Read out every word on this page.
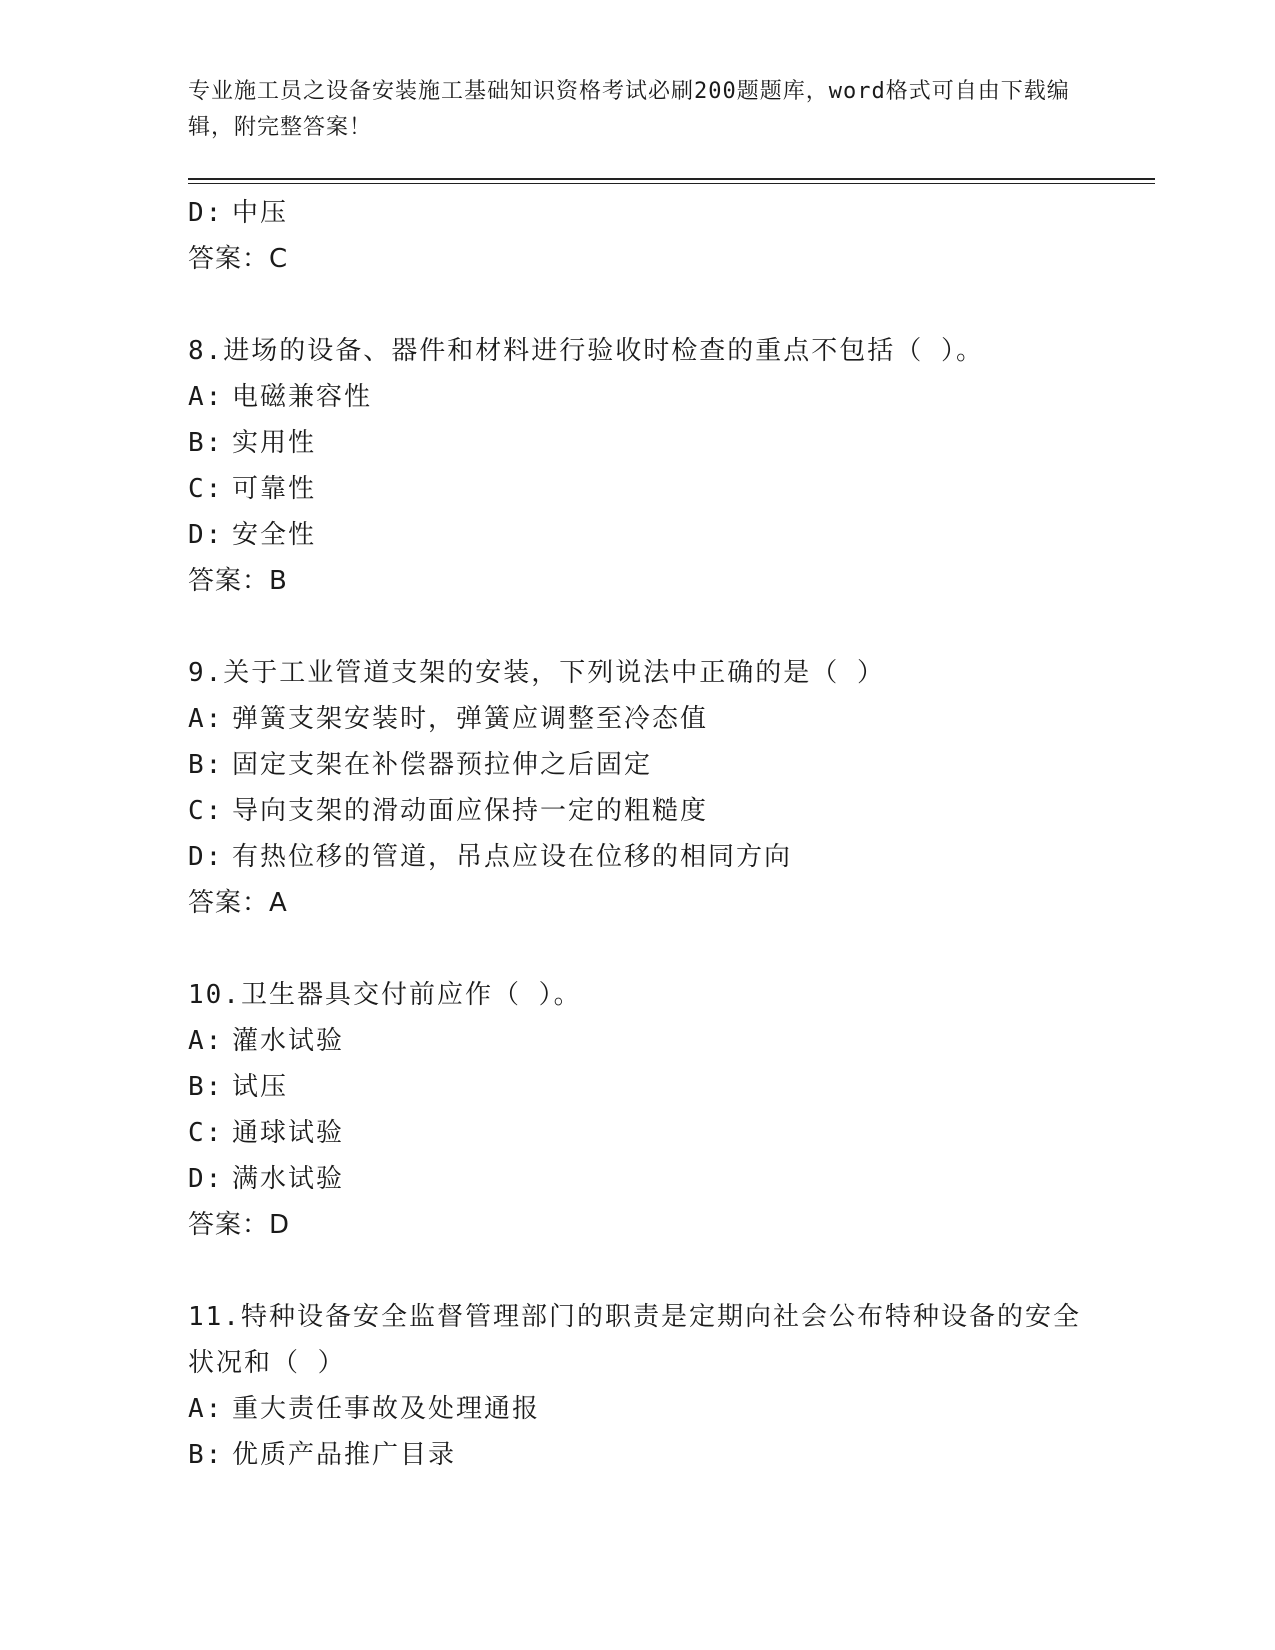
专业施工员之设备安装施工基础知识资格考试必刷200题题库，word格式可自由下载编辑，附完整答案！
D: 中压
答案：C
8.进场的设备、器件和材料进行验收时检查的重点不包括（ ）。
A: 电磁兼容性
B: 实用性
C: 可靠性
D: 安全性
答案：B
9.关于工业管道支架的安装，下列说法中正确的是（ ）
A: 弹簧支架安装时，弹簧应调整至冷态值
B: 固定支架在补偿器预拉伸之后固定
C: 导向支架的滑动面应保持一定的粗糙度
D: 有热位移的管道，吊点应设在位移的相同方向
答案：A
10.卫生器具交付前应作（ ）。
A: 灌水试验
B: 试压
C: 通球试验
D: 满水试验
答案：D
11.特种设备安全监督管理部门的职责是定期向社会公布特种设备的安全状况和（ ）
A: 重大责任事故及处理通报
B: 优质产品推广目录
